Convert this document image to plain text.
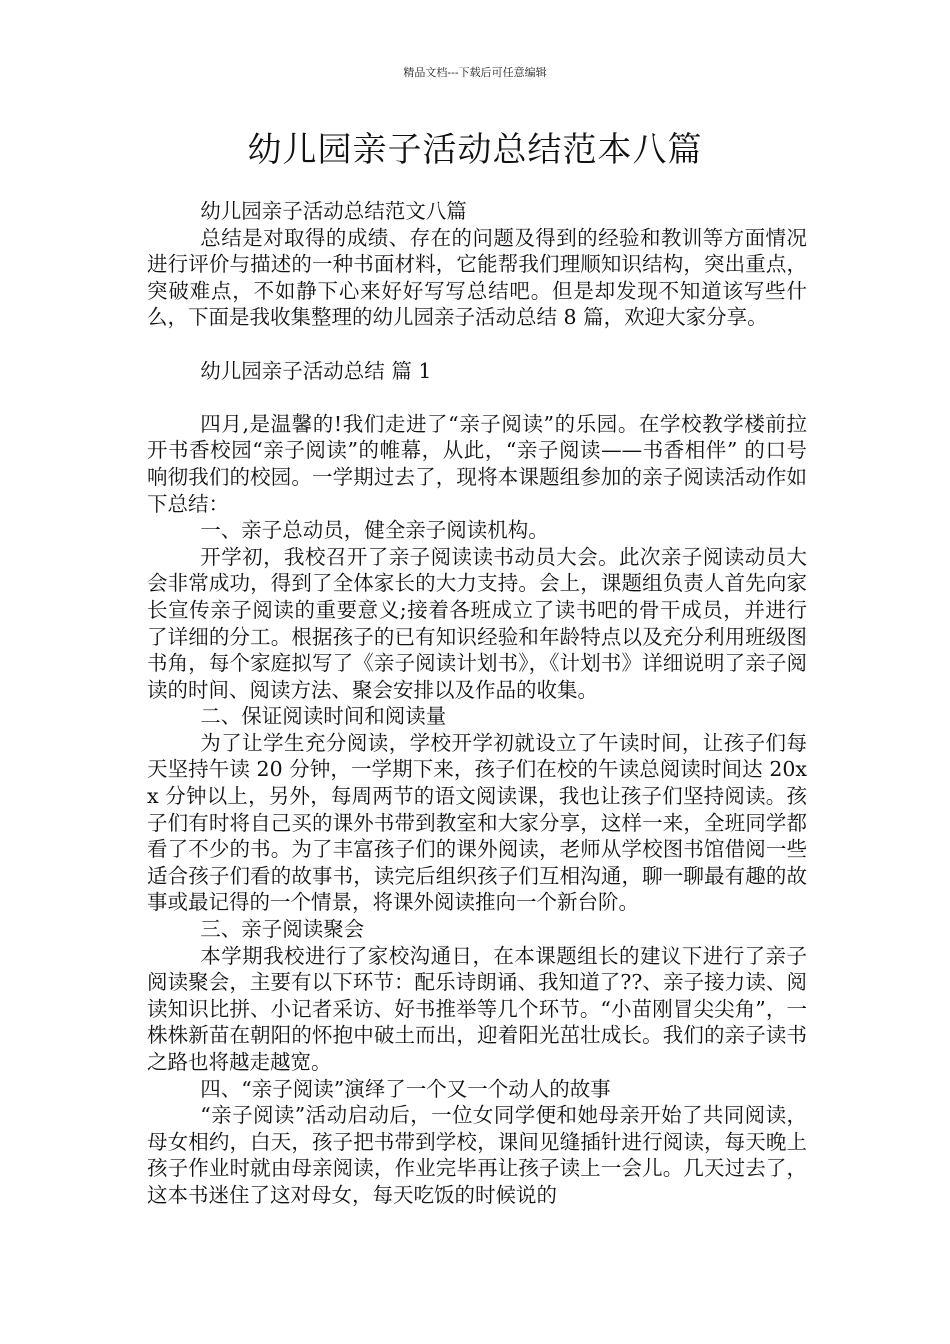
精品文档---下载后可任意编辑
幼儿园亲子活动总结范本八篇

幼儿园亲子活动总结范文八篇

总结是对取得的成绩、存在的问题及得到的经验和教训等方面情况进行评价与描述的一种书面材料，它能帮我们理顺知识结构，突出重点，突破难点，不如静下心来好好写写总结吧。但是却发现不知道该写些什么，下面是我收集整理的幼儿园亲子活动总结 8 篇，欢迎大家分享。

幼儿园亲子活动总结 篇 1

四月,是温馨的!我们走进了“亲子阅读”的乐园。在学校教学楼前拉开书香校园“亲子阅读”的帷幕，从此，“亲子阅读——书香相伴” 的口号响彻我们的校园。一学期过去了，现将本课题组参加的亲子阅读活动作如下总结：

一、亲子总动员，健全亲子阅读机构。

开学初，我校召开了亲子阅读读书动员大会。此次亲子阅读动员大会非常成功，得到了全体家长的大力支持。会上，课题组负责人首先向家长宣传亲子阅读的重要意义;接着各班成立了读书吧的骨干成员，并进行了详细的分工。根据孩子的已有知识经验和年龄特点以及充分利用班级图书角，每个家庭拟写了《亲子阅读计划书》，《计划书》详细说明了亲子阅读的时间、阅读方法、聚会安排以及作品的收集。

二、保证阅读时间和阅读量

为了让学生充分阅读，学校开学初就设立了午读时间，让孩子们每天坚持午读 20 分钟，一学期下来，孩子们在校的午读总阅读时间达 20xx 分钟以上，另外，每周两节的语文阅读课，我也让孩子们坚持阅读。孩子们有时将自己买的课外书带到教室和大家分享，这样一来，全班同学都看了不少的书。为了丰富孩子们的课外阅读，老师从学校图书馆借阅一些适合孩子们看的故事书，读完后组织孩子们互相沟通，聊一聊最有趣的故事或最记得的一个情景，将课外阅读推向一个新台阶。

三、亲子阅读聚会

本学期我校进行了家校沟通日，在本课题组长的建议下进行了亲子阅读聚会，主要有以下环节：配乐诗朗诵、我知道了??、亲子接力读、阅读知识比拼、小记者采访、好书推举等几个环节。“小苗刚冒尖尖角”，一株株新苗在朝阳的怀抱中破土而出，迎着阳光茁壮成长。我们的亲子读书之路也将越走越宽。

四、“亲子阅读”演绎了一个又一个动人的故事

“亲子阅读”活动启动后，一位女同学便和她母亲开始了共同阅读，母女相约，白天，孩子把书带到学校，课间见缝插针进行阅读，每天晚上孩子作业时就由母亲阅读，作业完毕再让孩子读上一会儿。几天过去了，这本书迷住了这对母女，每天吃饭的时候说的
